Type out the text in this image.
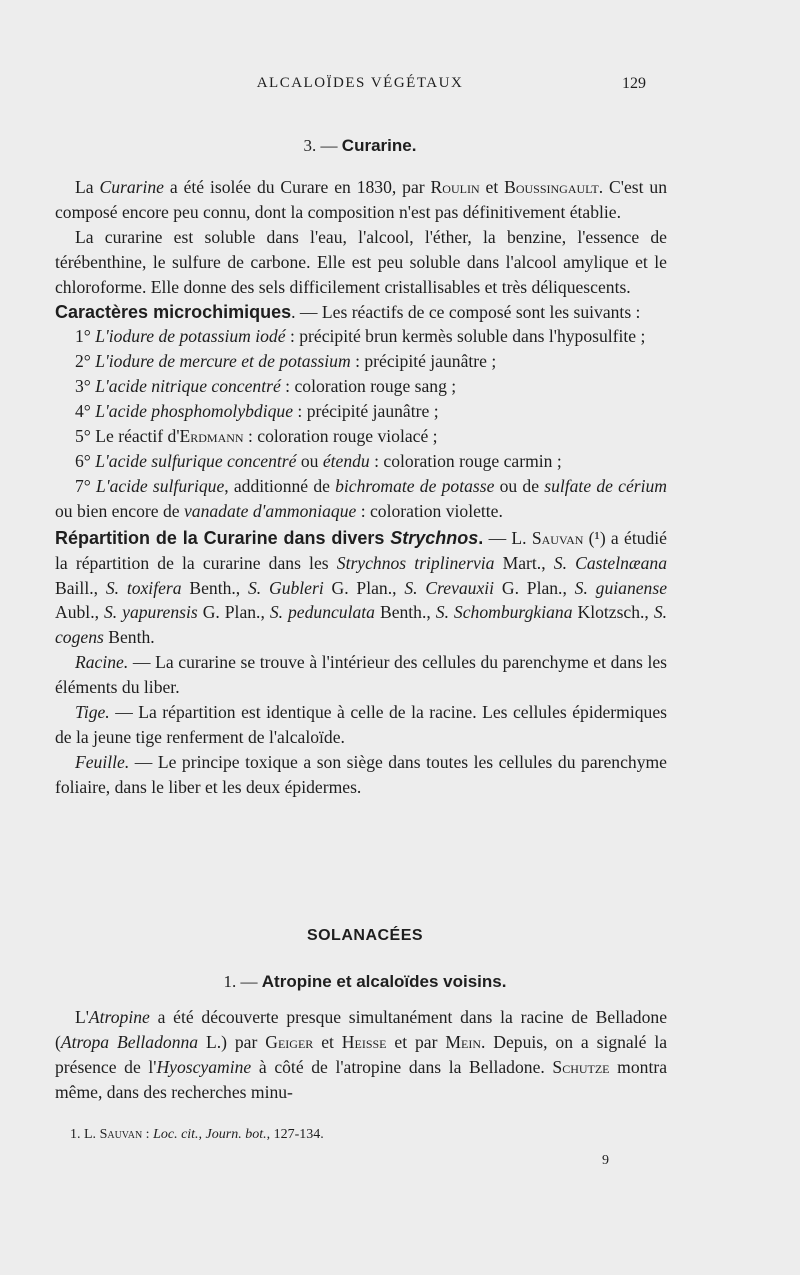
ALCALOÏDES VÉGÉTAUX	129
3. — Curarine.

La Curarine a été isolée du Curare en 1830, par Roulin et Boussingault. C'est un composé encore peu connu, dont la composition n'est pas définitivement établie.

La curarine est soluble dans l'eau, l'alcool, l'éther, la benzine, l'essence de térébenthine, le sulfure de carbone. Elle est peu soluble dans l'alcool amylique et le chloroforme. Elle donne des sels difficilement cristallisables et très déliquescents.

Caractères microchimiques. — Les réactifs de ce composé sont les suivants :

1° L'iodure de potassium iodé : précipité brun kermès soluble dans l'hyposulfite ;

2° L'iodure de mercure et de potassium : précipité jaunâtre ;

3° L'acide nitrique concentré : coloration rouge sang ;

4° L'acide phosphomolybdique : précipité jaunâtre ;

5° Le réactif d'Erdmann : coloration rouge violacé ;

6° L'acide sulfurique concentré ou étendu : coloration rouge carmin ;

7° L'acide sulfurique, additionné de bichromate de potasse ou de sulfate de cérium ou bien encore de vanadate d'ammoniaque : coloration violette.

Répartition de la Curarine dans divers Strychnos. — L. Sauvan (¹) a étudié la répartition de la curarine dans les Strychnos triplinervia Mart., S. Castelnæana Baill., S. toxifera Benth., S. Gubleri G. Plan., S. Crevauxii G. Plan., S. guianense Aubl., S. yapurensis G. Plan., S. pedunculata Benth., S. Schomburgkiana Klotzsch., S. cogens Benth.

Racine. — La curarine se trouve à l'intérieur des cellules du parenchyme et dans les éléments du liber.

Tige. — La répartition est identique à celle de la racine. Les cellules épidermiques de la jeune tige renferment de l'alcaloïde.

Feuille. — Le principe toxique a son siège dans toutes les cellules du parenchyme foliaire, dans le liber et les deux épidermes.

SOLANACÉES
1. — Atropine et alcaloïdes voisins.

L'Atropine a été découverte presque simultanément dans la racine de Belladone (Atropa Belladonna L.) par Geiger et Heisse et par Mein. Depuis, on a signalé la présence de l'Hyoscyamine à côté de l'atropine dans la Belladone. Schutze montra même, dans des recherches minu-

1. L. Sauvan : Loc. cit., Journ. bot., 127-134.
9
